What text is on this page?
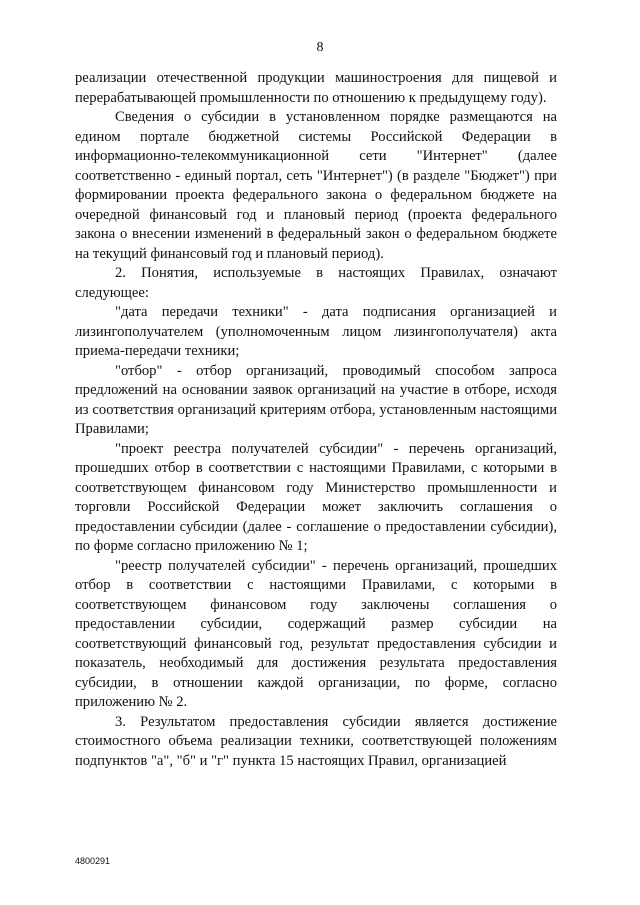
8

реализации отечественной продукции машиностроения для пищевой и перерабатывающей промышленности по отношению к предыдущему году).

Сведения о субсидии в установленном порядке размещаются на едином портале бюджетной системы Российской Федерации в информационно-телекоммуникационной сети "Интернет" (далее соответственно - единый портал, сеть "Интернет") (в разделе "Бюджет") при формировании проекта федерального закона о федеральном бюджете на очередной финансовый год и плановый период (проекта федерального закона о внесении изменений в федеральный закон о федеральном бюджете на текущий финансовый год и плановый период).

2. Понятия, используемые в настоящих Правилах, означают следующее:

"дата передачи техники" - дата подписания организацией и лизингополучателем (уполномоченным лицом лизингополучателя) акта приема-передачи техники;

"отбор" - отбор организаций, проводимый способом запроса предложений на основании заявок организаций на участие в отборе, исходя из соответствия организаций критериям отбора, установленным настоящими Правилами;

"проект реестра получателей субсидии" - перечень организаций, прошедших отбор в соответствии с настоящими Правилами, с которыми в соответствующем финансовом году Министерство промышленности и торговли Российской Федерации может заключить соглашения о предоставлении субсидии (далее - соглашение о предоставлении субсидии), по форме согласно приложению № 1;

"реестр получателей субсидии" - перечень организаций, прошедших отбор в соответствии с настоящими Правилами, с которыми в соответствующем финансовом году заключены соглашения о предоставлении субсидии, содержащий размер субсидии на соответствующий финансовый год, результат предоставления субсидии и показатель, необходимый для достижения результата предоставления субсидии, в отношении каждой организации, по форме, согласно приложению № 2.

3. Результатом предоставления субсидии является достижение стоимостного объема реализации техники, соответствующей положениям подпунктов "а", "б" и "г" пункта 15 настоящих Правил, организацией

4800291
